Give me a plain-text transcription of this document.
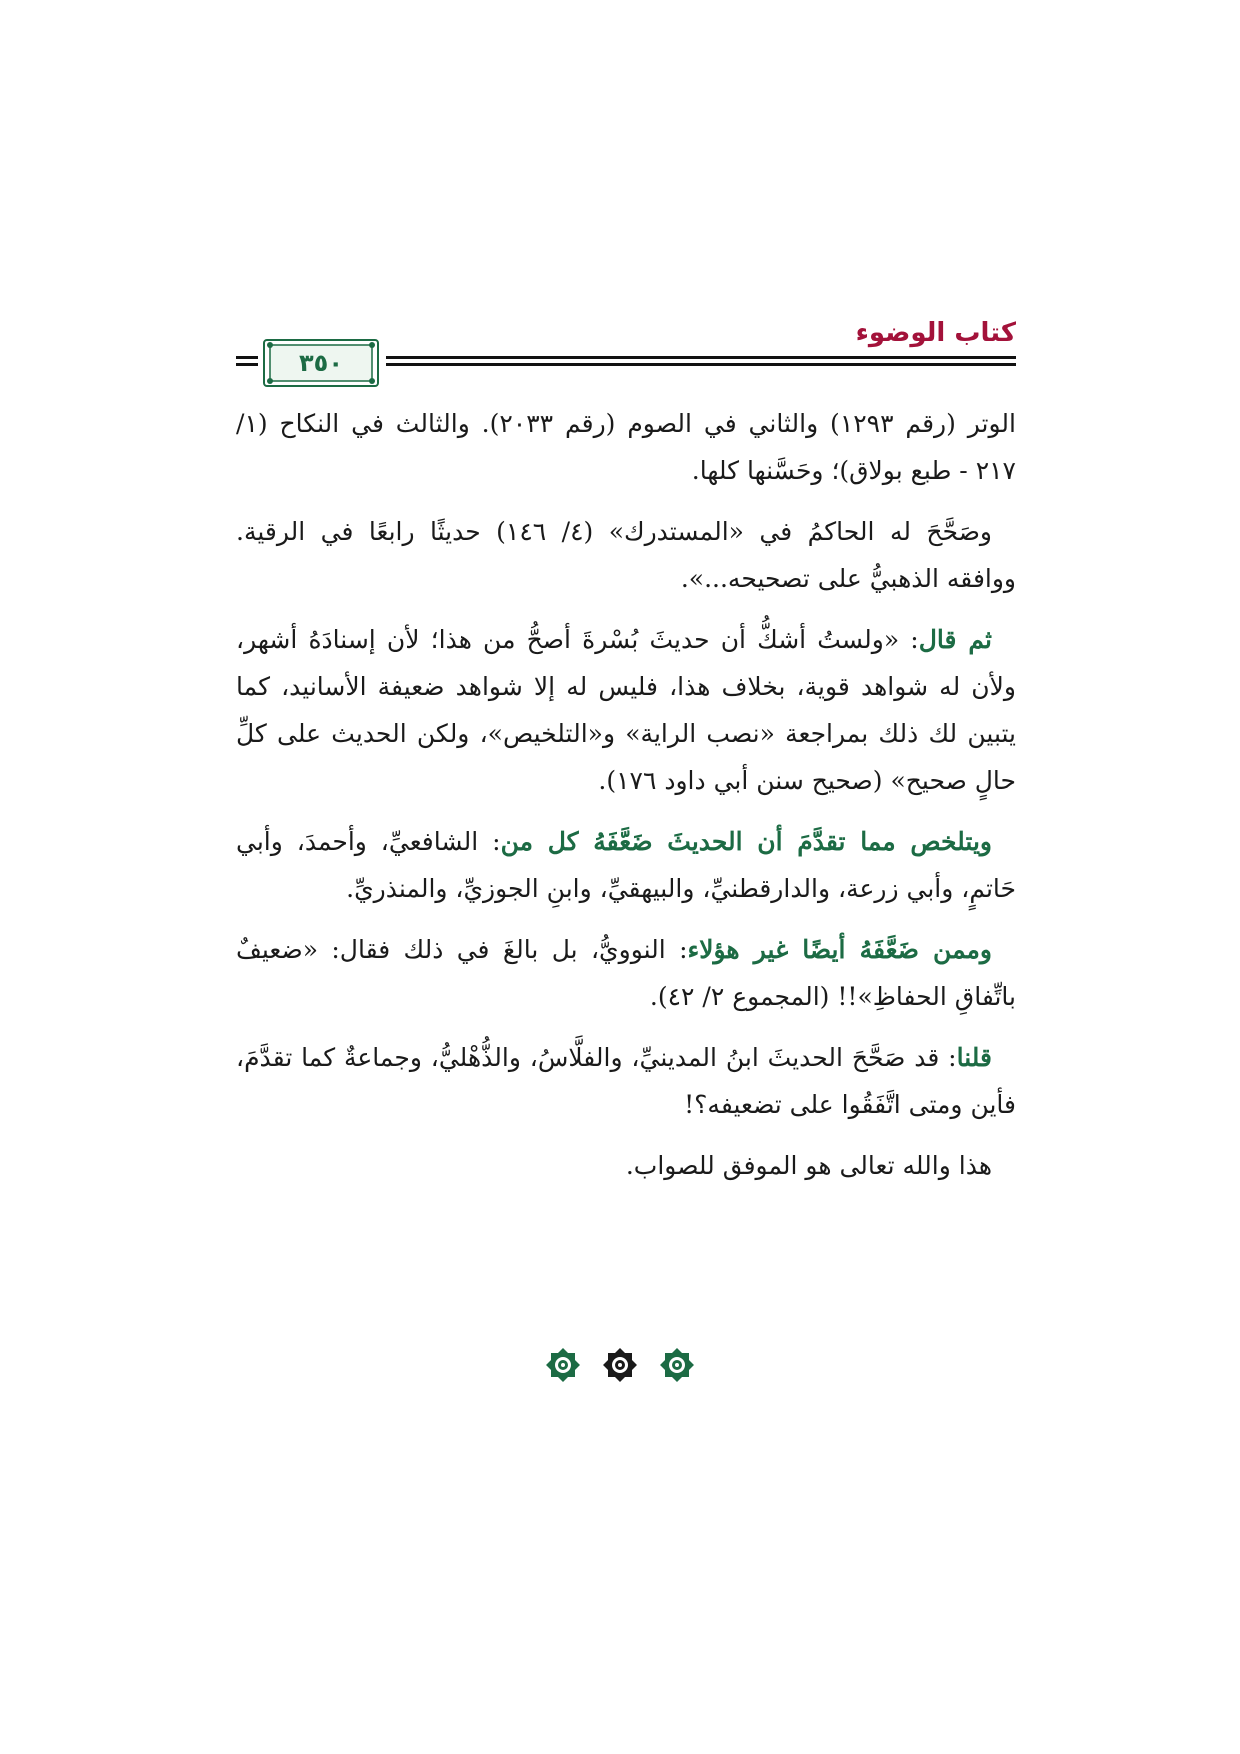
كتاب الوضوء
٣٥٠

الوتر (رقم ١٢٩٣) والثاني في الصوم (رقم ٢٠٣٣). والثالث في النكاح (١/ ٢١٧ - طبع بولاق)؛ وحَسَّنها كلها.

وصَحَّحَ له الحاكمُ في «المستدرك» (٤/ ١٤٦) حديثًا رابعًا في الرقية. ووافقه الذهبيُّ على تصحيحه...».

ثم قال: «ولستُ أشكُّ أن حديثَ بُسْرةَ أصحُّ من هذا؛ لأن إسنادَهُ أشهر، ولأن له شواهد قوية، بخلاف هذا، فليس له إلا شواهد ضعيفة الأسانيد، كما يتبين لك ذلك بمراجعة «نصب الراية» و«التلخيص»، ولكن الحديث على كلِّ حالٍ صحيح» (صحيح سنن أبي داود ١٧٦).

ويتلخص مما تقدَّمَ أن الحديثَ ضَعَّفَهُ كل من: الشافعيِّ، وأحمدَ، وأبي حَاتمٍ، وأبي زرعة، والدارقطنيِّ، والبيهقيِّ، وابنِ الجوزيِّ، والمنذريِّ.

وممن ضَعَّفَهُ أيضًا غير هؤلاء: النوويُّ، بل بالغَ في ذلك فقال: «ضعيفٌ باتِّفاقِ الحفاظِ»!! (المجموع ٢/ ٤٢).

قلنا: قد صَحَّحَ الحديثَ ابنُ المدينيِّ، والفلَّاسُ، والذُّهْليُّ، وجماعةٌ كما تقدَّمَ، فأين ومتى اتَّفَقُوا على تضعيفه؟!

هذا والله تعالى هو الموفق للصواب.
